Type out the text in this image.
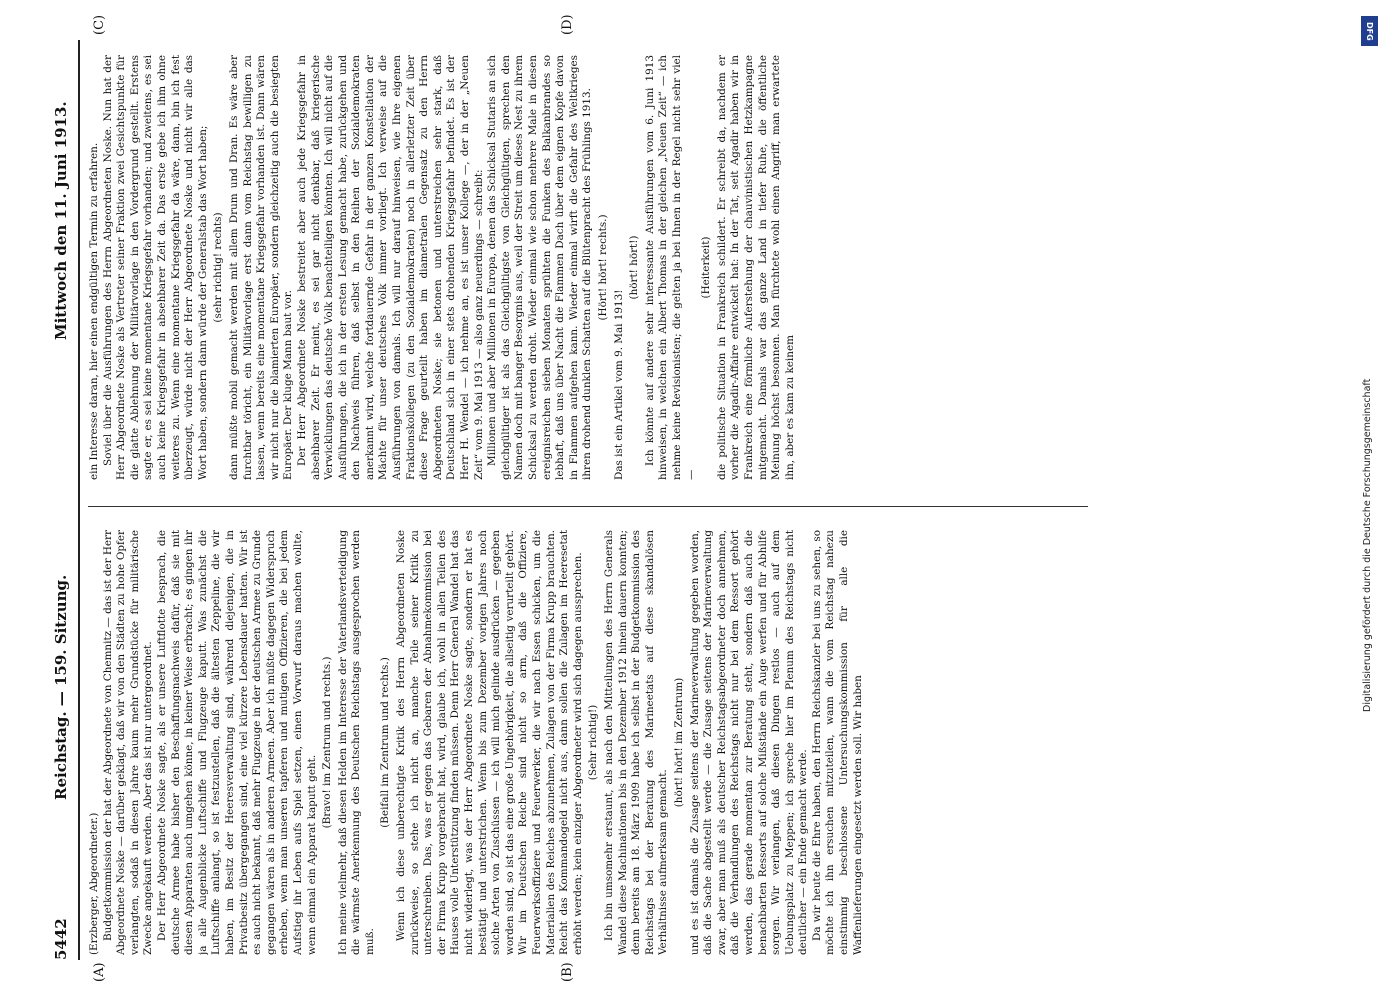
5442
Reichstag. — 159. Sitzung.
Mittwoch den 11. Juni 1913.
(A)	(B)
(C)	(D)

(Erzberger, Abgeordneter.) Budgetkommission der hat der Abgeordnete von Chemnitz — das ist der Herr Abgeordnete Noske — darüber geklagt, daß wir von den Städten zu hohe Opfer verlangten, sodaß in diesen Jahre kaum mehr Grundstücke für militärische Zwecke angekauft werden. Aber das ist nur untergeordnet. Der Herr Abgeordnete Noske sagte, als er unsere Luftflotte besprach, die deutsche Armee habe bisher den Beschaffungsnachweis dafür, daß sie mit diesen Apparaten auch umgehen könne, in keiner Weise erbracht; es gingen ihr ja alle Augenblicke Luftschiffe und Flugzeuge kaputt. Was zunächst die Luftschiffe anlangt, so ist festzustellen, daß die ältesten Zeppeline, die wir haben, im Besitz der Heeresverwaltung sind, während diejenigen, die in Privatbesitz übergegangen sind, eine viel kürzere Lebensdauer hatten. Wir ist es auch nicht bekannt, daß mehr Flugzeuge in der deutschen Armee zu Grunde gegangen wären als in anderen Armeen. Aber ich müßte dagegen Widerspruch erheben, wenn man unseren tapferen und mutigen Offizieren, die bei jedem Aufstieg ihr Leben aufs Spiel setzen, einen Vorwurf daraus machen wollte, wenn einmal ein Apparat kaputt geht.

(Bravo! im Zentrum und rechts.) Ich meine vielmehr, daß diesen Helden im Interesse der Vaterlandsverteidigung die wärmste Anerkennung des Deutschen Reichstags ausgesprochen werden muß.

(Beifall im Zentrum und rechts.) Wenn ich diese unberechtigte Kritik des Herrn Abgeordneten Noske zurückweise, so stehe ich nicht an, manche Teile seiner Kritik zu unterschreiben. Das, was er gegen das Gebaren der Abnahmekommission bei der Firma Krupp vorgebracht hat, wird, glaube ich, wohl in allen Teilen des Hauses volle Unterstützung finden müssen. Denn Herr General Wandel hat das nicht widerlegt, was der Herr Abgeordnete Noske sagte, sondern er hat es bestätigt und unterstrichen. Wenn bis zum Dezember vorigen Jahres noch solche Arten von Zuschüssen — ich will mich gelinde ausdrücken — gegeben worden sind, so ist das eine große Ungehörigkeit, die allseitig verurteilt gehört. Wir im Deutschen Reiche sind nicht so arm, daß die Offiziere, Feuerwerksoffiziere und Feuerwerker, die wir nach Essen schicken, um die Materialien des Reiches abzunehmen, Zulagen von der Firma Krupp brauchten. Reicht das Kommandogeld nicht aus, dann sollen die Zulagen im Heeresetat erhöht werden; kein einziger Abgeordneter wird sich dagegen aussprechen. (Sehr richtig!) Ich bin umsomehr erstaunt, als nach den Mitteilungen des Herrn Generals Wandel diese Machinationen bis in den Dezember 1912 hinein dauern konnten; denn bereits am 18. März 1909 habe ich selbst in der Budgetkommission des Reichstags bei der Beratung des Marineetats auf diese skandalösen Verhältnisse aufmerksam gemacht.

(hört! hört! im Zentrum) und es ist damals die Zusage seitens der Marineverwaltung gegeben worden, daß die Sache abgestellt werde — die Zusage seitens der Marineverwaltung zwar, aber man muß als deutscher Reichstagsabgeordneter doch annehmen, daß die Verhandlungen des Reichstags nicht nur bei dem Ressort gehört werden, das gerade momentan zur Beratung steht, sondern daß auch die benachbarten Ressorts auf solche Mißstände ein Auge werfen und für Abhilfe sorgen. Wir verlangen, daß diesen Dingen restlos — auch auf dem Uebungsplatz zu Meppen; ich spreche hier im Plenum des Reichstags nicht deutlicher — ein Ende gemacht werde. Da wir heute die Ehre haben, den Herrn Reichskanzler bei uns zu sehen, so möchte ich ihn ersuchen mitzuteilen, wann die vom Reichstag nahezu einstimmig beschlossene Untersuchungskommission für alle die Waffenlieferungen eingesetzt werden soll. Wir haben

ein Interesse daran, hier einen endgültigen Termin zu erfahren. Soviel über die Ausführungen des Herrn Abgeordneten Noske. Nun hat der Herr Abgeordnete Noske als Vertreter seiner Fraktion zwei Gesichtspunkte für die glatte Ablehnung der Militärvorlage in den Vordergrund gestellt. Erstens sagte er, es sei keine momentane Kriegsgefahr vorhanden; und zweitens, es sei auch keine Kriegsgefahr in absehbarer Zeit da. Das erste gebe ich ihm ohne weiteres zu. Wenn eine momentane Kriegsgefahr da wäre, dann, bin ich fest überzeugt, würde nicht der Herr Abgeordnete Noske und nicht wir alle das Wort haben, sondern dann würde der Generalstab das Wort haben; (sehr richtig! rechts) dann müßte mobil gemacht werden mit allem Drum und Dran. Es wäre aber furchtbar töricht, ein Militärvorlage erst dann vom Reichstag bewilligen zu lassen, wenn bereits eine momentane Kriegsgefahr vorhanden ist. Dann wären wir nicht nur die blamierten Europäer, sondern gleichzeitig auch die besiegten Europäer. Der kluge Mann baut vor. Der Herr Abgeordnete Noske bestreitet aber auch jede Kriegsgefahr in absehbarer Zeit. Er meint, es sei gar nicht denkbar, daß kriegerische Verwicklungen das deutsche Volk benachteiligen könnten. Ich will nicht auf die Ausführungen, die ich in der ersten Lesung gemacht habe, zurückgehen und den Nachweis führen, daß selbst in den Reihen der Sozialdemokraten anerkannt wird, welche fortdauernde Gefahr in der ganzen Konstellation der Mächte für unser deutsches Volk immer vorliegt. Ich verweise auf die Ausführungen von damals. Ich will nur darauf hinweisen, wie Ihre eigenen Fraktionskollegen (zu den Sozialdemokraten) noch in allerletzter Zeit über diese Frage geurteilt haben im diametralen Gegensatz zu den Herrn Abgeordneten Noske; sie betonen und unterstreichen sehr stark, daß Deutschland sich in einer stets drohenden Kriegsgefahr befindet. Es ist der Herr H. Wendel — ich nehme an, es ist unser Kollege —, der in der „Neuen Zeit“ vom 9. Mai 1913 — also ganz neuerdings — schreibt: Millionen und aber Millionen in Europa, denen das Schicksal Stutaris an sich gleichgültiger ist als das Gleichgültigste von Gleichgültigen, sprechen den Namen doch mit banger Besorgnis aus, weil der Streit um dieses Nest zu ihrem Schicksal zu werden droht. Wieder einmal wie schon mehrere Male in diesen ereignisreichen sieben Monaten sprühten die Funken des Balkanbrandes so lebhaft, daß uns über Nacht die Flammen Dach über dem eignen Kopfe davon in Flammen aufgehen kann. Wieder einmal wirft die Gefahr des Weltkrieges ihren drohend dunklen Schatten auf die Blütenpracht des Frühlings 1913. (Hört! hört! rechts.)

Das ist ein Artikel vom 9. Mai 1913!

(hört! hört!) Ich könnte auf andere sehr interessante Ausführungen vom 6. Juni 1913 hinweisen, in welchen ein Albert Thomas in der gleichen „Neuen Zeit“ — ich nehme keine Revisionisten; die gelten ja bei Ihnen in der Regel nicht sehr viel —

(Heiterkeit) die politische Situation in Frankreich schildert. Er schreibt da, nachdem er vorher die Agadir-Affaire entwickelt hat: In der Tat, seit Agadir haben wir in Frankreich eine förmliche Auferstehung der chauvinistischen Hetzkampagne mitgemacht. Damals war das ganze Land in tiefer Ruhe, die öffentliche Meinung höchst besonnen. Man fürchtete wohl einen Angriff, man erwartete ihn, aber es kam zu keinem

DFG
Digitalisierung gefördert durch die Deutsche Forschungsgemeinschaft
